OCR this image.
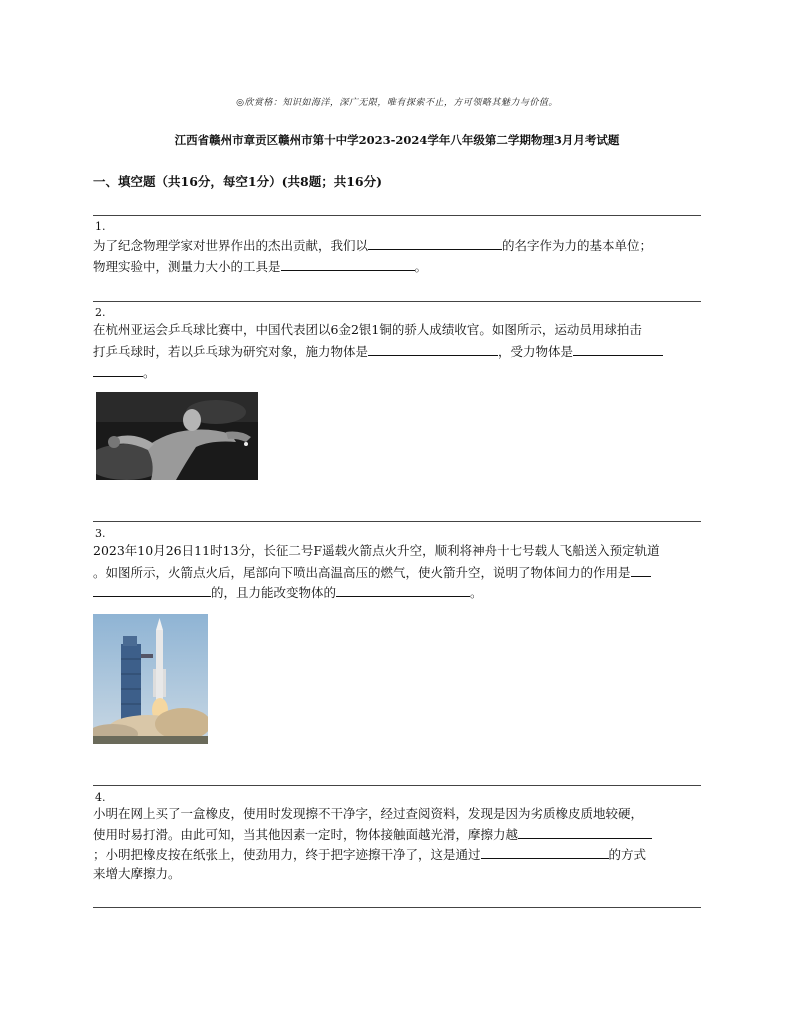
◎欣赏格：知识如海洋，深广无限，唯有探索不止，方可领略其魅力与价值。
江西省赣州市章贡区赣州市第十中学2023-2024学年八年级第二学期物理3月月考试题
一、填空题（共16分，每空1分）(共8题；共16分)
1.
为了纪念物理学家对世界作出的杰出贡献，我们以	的名字作为力的基本单位；
物理实验中，测量力大小的工具是	。
2.
在杭州亚运会乒乓球比赛中，中国代表团以6金2银1铜的骄人成绩收官。如图所示，运动员用球拍击
打乒乓球时，若以乒乓球为研究对象，施力物体是	，受力物体是
。
3.
2023年10月26日11时13分，长征二号F遥载火箭点火升空，顺利将神舟十七号载人飞船送入预定轨道
。如图所示，火箭点火后，尾部向下喷出高温高压的燃气，使火箭升空，说明了物体间力的作用是
的，且力能改变物体的	。
4.
小明在网上买了一盒橡皮，使用时发现擦不干净字，经过查阅资料，发现是因为劣质橡皮质地较硬，
使用时易打滑。由此可知，当其他因素一定时，物体接触面越光滑，摩擦力越
；小明把橡皮按在纸张上，使劲用力，终于把字迹擦干净了，这是通过	的方式
来增大摩擦力。
